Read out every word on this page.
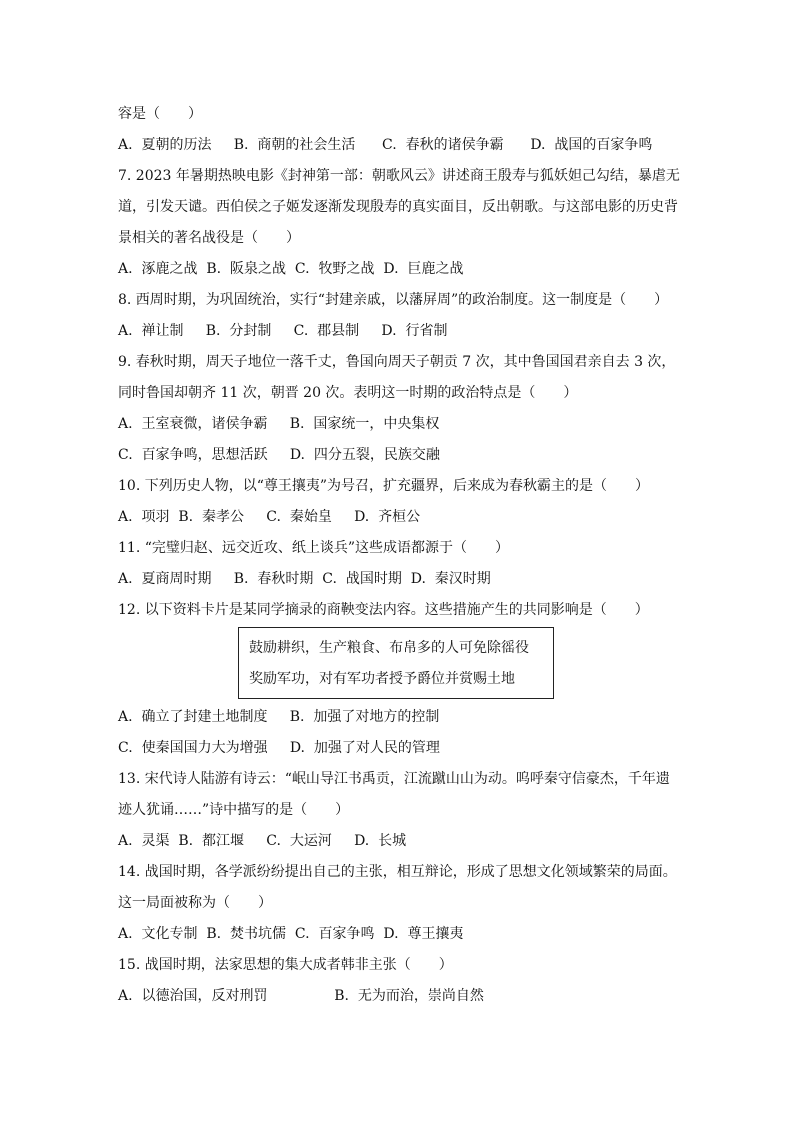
容是（　　）
A.  夏朝的历法     B.  商朝的社会生活      C.  春秋的诸侯争霸      D.  战国的百家争鸣
7. 2023 年暑期热映电影《封神第一部：朝歌风云》讲述商王殷寿与狐妖妲己勾结，暴虐无
道，引发天谴。西伯侯之子姬发逐渐发现殷寿的真实面目，反出朝歌。与这部电影的历史背
景相关的著名战役是（　　）
A.  涿鹿之战  B.  阪泉之战  C.  牧野之战  D.  巨鹿之战
8. 西周时期，为巩固统治，实行“封建亲戚，以藩屏周”的政治制度。这一制度是（　　）
A.  禅让制     B.  分封制     C.  郡县制     D.  行省制
9. 春秋时期，周天子地位一落千丈，鲁国向周天子朝贡 7 次，其中鲁国国君亲自去 3 次，
同时鲁国却朝齐 11 次，朝晋 20 次。表明这一时期的政治特点是（　　）
A.  王室衰微，诸侯争霸     B.  国家统一，中央集权
C.  百家争鸣，思想活跃     D.  四分五裂，民族交融
10. 下列历史人物，以“尊王攘夷”为号召，扩充疆界，后来成为春秋霸主的是（　　）
A.  项羽  B.  秦孝公     C.  秦始皇     D.  齐桓公
11. “完璧归赵、远交近攻、纸上谈兵”这些成语都源于（　　）
A.  夏商周时期     B.  春秋时期  C.  战国时期  D.  秦汉时期
12. 以下资料卡片是某同学摘录的商鞅变法内容。这些措施产生的共同影响是（　　）
鼓励耕织，生产粮食、布帛多的人可免除徭役
奖励军功，对有军功者授予爵位并赏赐土地
A.  确立了封建土地制度     B.  加强了对地方的控制
C.  使秦国国力大为增强     D.  加强了对人民的管理
13. 宋代诗人陆游有诗云：“岷山导江书禹贡，江流蹴山山为动。呜呼秦守信豪杰，千年遗
迹人犹诵……”诗中描写的是（　　）
A.  灵渠  B.  都江堰     C.  大运河     D.  长城
14. 战国时期，各学派纷纷提出自己的主张，相互辩论，形成了思想文化领域繁荣的局面。
这一局面被称为（　　）
A.  文化专制  B.  焚书坑儒  C.  百家争鸣  D.  尊王攘夷
15. 战国时期，法家思想的集大成者韩非主张（　　）
A.  以德治国，反对刑罚               B.  无为而治，崇尚自然
